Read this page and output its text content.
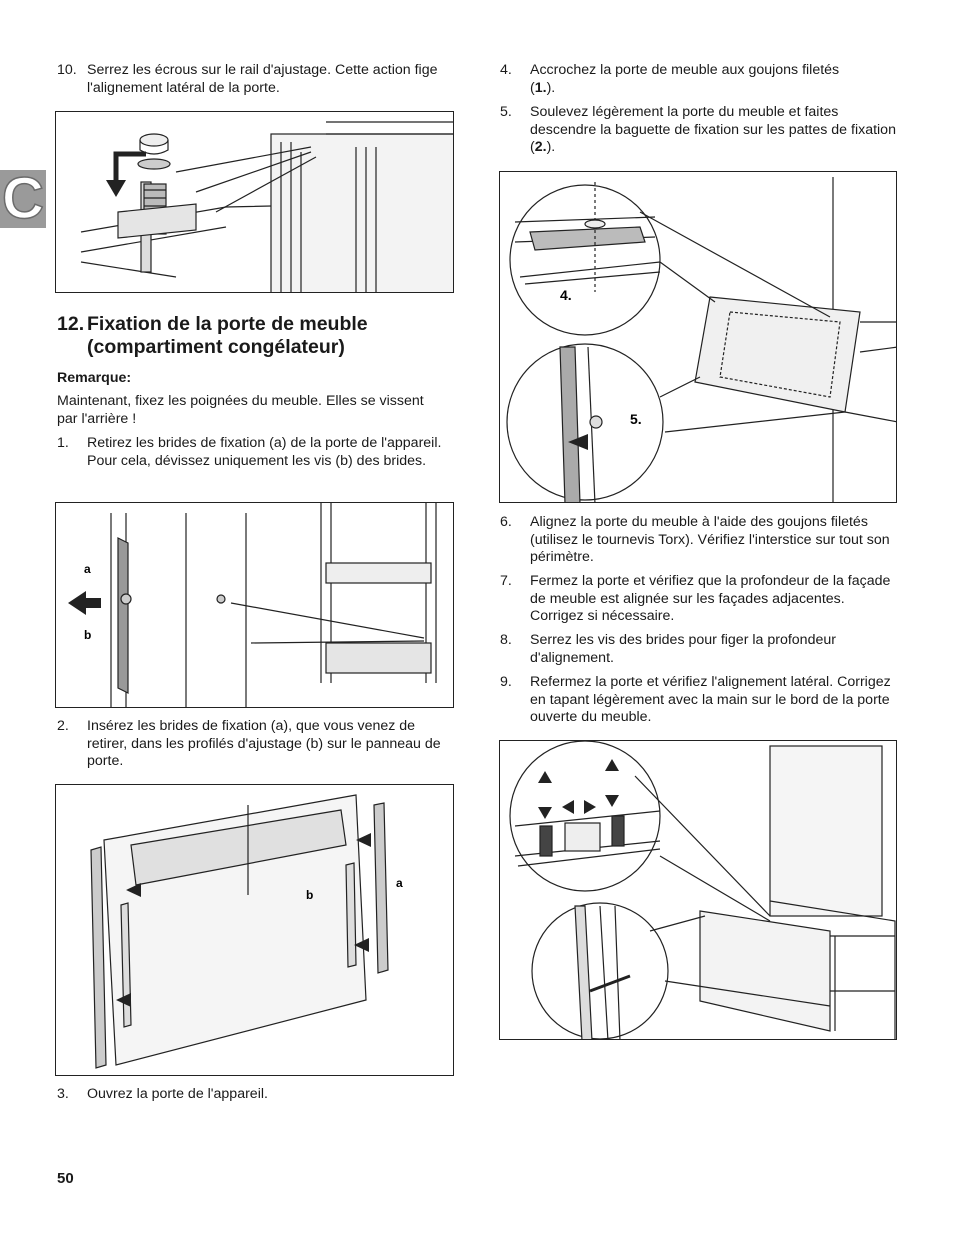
C
10. Serrez les écrous sur le rail d'ajustage. Cette action fige l'alignement latéral de la porte.
12. Fixation de la porte de meuble (compartiment congélateur)
Remarque:
Maintenant, fixez les poignées du meuble. Elles se vissent par l'arrière !
1.	Retirez les brides de fixation (a) de la porte de l'appareil. Pour cela, dévissez uniquement les vis (b) des brides.
a
b
2.	Insérez les brides de fixation (a), que vous venez de retirer, dans les profilés d'ajustage (b) sur le panneau de porte.
b
a
3.	Ouvrez la porte de l'appareil.
50
4.	Accrochez la porte de meuble aux goujons filetés (1.).
5.	Soulevez légèrement la porte du meuble et faites descendre la baguette de fixation sur les pattes de fixation (2.).
4.
5.
6.	Alignez la porte du meuble à l'aide des goujons filetés (utilisez le tournevis Torx). Vérifiez l'interstice sur tout son périmètre.
7.	Fermez la porte et vérifiez que la profondeur de la façade de meuble est alignée sur les façades adjacentes. Corrigez si nécessaire.
8.	Serrez les vis des brides pour figer la profondeur d'alignement.
9.	Refermez la porte et vérifiez l'alignement latéral. Corrigez en tapant légèrement avec la main sur le bord de la porte ouverte du meuble.
